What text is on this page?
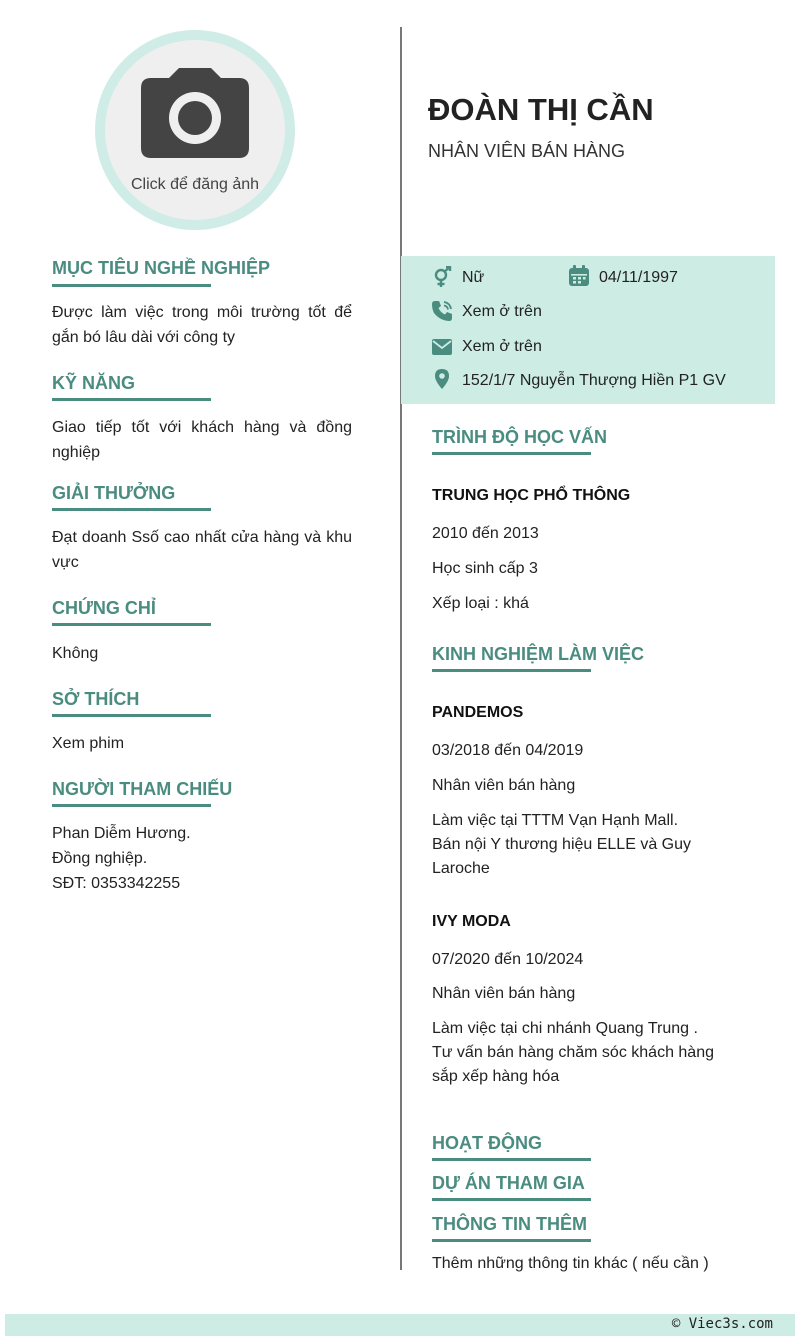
Click để đăng ảnh
MỤC TIÊU NGHỀ NGHIỆP
Được làm việc trong môi trường tốt để gắn bó lâu dài với công ty
KỸ NĂNG
Giao tiếp tốt với khách hàng và đồng nghiệp
GIẢI THƯỞNG
Đạt doanh Ssố cao nhất cửa hàng và khu vực
CHỨNG CHỈ
Không
SỞ THÍCH
Xem phim
NGƯỜI THAM CHIẾU
Phan Diễm Hương.
Đồng nghiệp.
SĐT: 0353342255
ĐOÀN THỊ CẦN
NHÂN VIÊN BÁN HÀNG
Nữ	04/11/1997
Xem ở trên
Xem ở trên
152/1/7 Nguyễn Thượng Hiền P1 GV
TRÌNH ĐỘ HỌC VẤN
TRUNG HỌC PHỔ THÔNG
2010 đến 2013
Học sinh cấp 3
Xếp loại : khá
KINH NGHIỆM LÀM VIỆC
PANDEMOS
03/2018 đến 04/2019
Nhân viên bán hàng
Làm việc tại TTTM Vạn Hạnh Mall.
Bán nội Y thương hiệu ELLE và Guy
Laroche
IVY MODA
07/2020 đến 10/2024
Nhân viên bán hàng
Làm việc tại chi nhánh Quang Trung .
Tư vấn bán hàng chăm sóc khách hàng
sắp xếp hàng hóa
HOẠT ĐỘNG
DỰ ÁN THAM GIA
THÔNG TIN THÊM
Thêm những thông tin khác ( nếu cần )
© Viec3s.com
